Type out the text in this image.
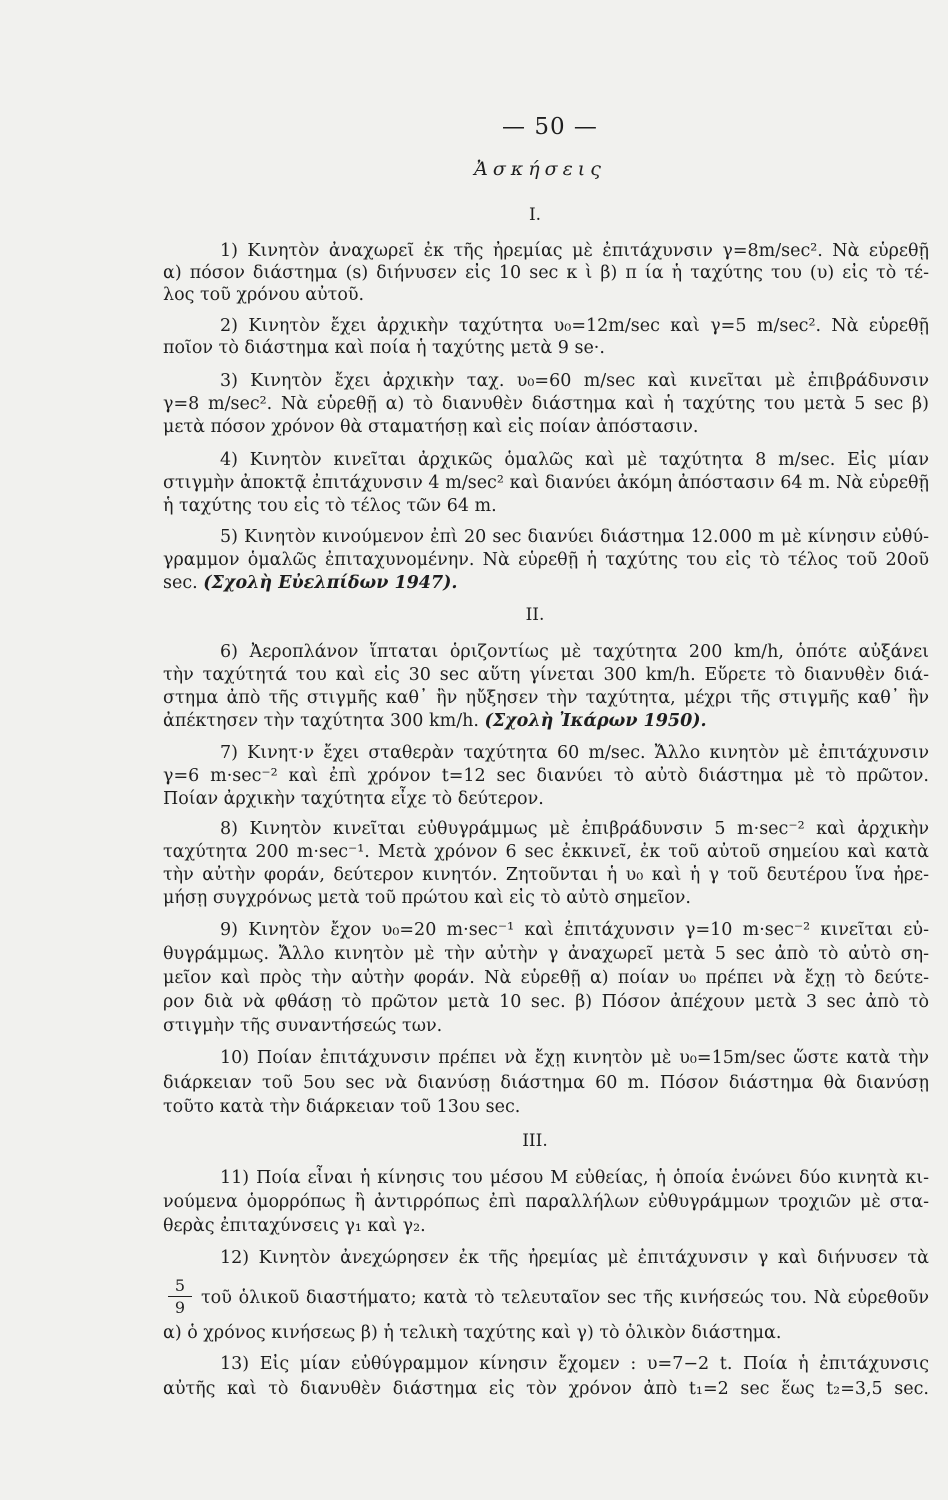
— 50 —
Ἀσκήσεις
I.
1) Κινητὸν ἀναχωρεῖ ἐκ τῆς ἠρεμίας μὲ ἐπιτάχυνσιν γ=8m/sec². Νὰ εὑρεθῇ
α) πόσον διάστημα (s) διήνυσεν εἰς 10 sec κ ὶ β) π ία ἡ ταχύτης του (υ) εἰς τὸ τέ-
λος τοῦ χρόνου αὐτοῦ.
2) Κινητὸν ἔχει ἀρχικὴν ταχύτητα υ₀=12m/sec καὶ γ=5 m/sec². Νὰ εὑρεθῇ
ποῖον τὸ διάστημα καὶ ποία ἡ ταχύτης μετὰ 9 se·.
3) Κινητὸν ἔχει ἀρχικὴν ταχ. υ₀=60 m/sec καὶ κινεῖται μὲ ἐπιβράδυνσιν
γ=8 m/sec². Νὰ εὑρεθῇ α) τὸ διανυθὲν διάστημα καὶ ἡ ταχύτης του μετὰ 5 sec β)
μετὰ πόσον χρόνον θὰ σταματήσῃ καὶ εἰς ποίαν ἀπόστασιν.
4) Κινητὸν κινεῖται ἀρχικῶς ὁμαλῶς καὶ μὲ ταχύτητα 8 m/sec. Εἰς μίαν
στιγμὴν ἀποκτᾷ ἐπιτάχυνσιν 4 m/sec² καὶ διανύει ἀκόμη ἀπόστασιν 64 m. Νὰ εὑρεθῇ
ἡ ταχύτης του εἰς τὸ τέλος τῶν 64 m.
5) Κινητὸν κινούμενον ἐπὶ 20 sec διανύει διάστημα 12.000 m μὲ κίνησιν εὐθύ-
γραμμον ὁμαλῶς ἐπιταχυνομένην. Νὰ εὑρεθῇ ἡ ταχύτης του εἰς τὸ τέλος τοῦ 20οῦ
sec. (Σχολὴ Εὐελπίδων 1947).
II.
6) Ἀεροπλάνον ἵπταται ὁριζοντίως μὲ ταχύτητα 200 km/h, ὁπότε αὐξάνει
τὴν ταχύτητά του καὶ εἰς 30 sec αὕτη γίνεται 300 km/h. Εὕρετε τὸ διανυθὲν διά-
στημα ἀπὸ τῆς στιγμῆς καθ᾽ ἣν ηὔξησεν τὴν ταχύτητα, μέχρι τῆς στιγμῆς καθ᾽ ἣν
ἀπέκτησεν τὴν ταχύτητα 300 km/h. (Σχολὴ Ἰκάρων 1950).
7) Κινητ·ν ἔχει σταθερὰν ταχύτητα 60 m/sec. Ἄλλο κινητὸν μὲ ἐπιτάχυνσιν
γ=6 m·sec⁻² καὶ ἐπὶ χρόνον t=12 sec διανύει τὸ αὐτὸ διάστημα μὲ τὸ πρῶτον.
Ποίαν ἀρχικὴν ταχύτητα εἶχε τὸ δεύτερον.
8) Κινητὸν κινεῖται εὐθυγράμμως μὲ ἐπιβράδυνσιν 5 m·sec⁻² καὶ ἀρχικὴν
ταχύτητα 200 m·sec⁻¹. Μετὰ χρόνον 6 sec ἐκκινεῖ, ἐκ τοῦ αὐτοῦ σημείου καὶ κατὰ
τὴν αὐτὴν φοράν, δεύτερον κινητόν. Ζητοῦνται ἡ υ₀ καὶ ἡ γ τοῦ δευτέρου ἵνα ἠρε-
μήσῃ συγχρόνως μετὰ τοῦ πρώτου καὶ εἰς τὸ αὐτὸ σημεῖον.
9) Κινητὸν ἔχον υ₀=20 m·sec⁻¹ καὶ ἐπιτάχυνσιν γ=10 m·sec⁻² κινεῖται εὐ-
θυγράμμως. Ἄλλο κινητὸν μὲ τὴν αὐτὴν γ ἀναχωρεῖ μετὰ 5 sec ἀπὸ τὸ αὐτὸ ση-
μεῖον καὶ πρὸς τὴν αὐτὴν φοράν. Νὰ εὑρεθῇ α) ποίαν υ₀ πρέπει νὰ ἔχῃ τὸ δεύτε-
ρον διὰ νὰ φθάσῃ τὸ πρῶτον μετὰ 10 sec. β) Πόσον ἀπέχουν μετὰ 3 sec ἀπὸ τὸ
στιγμὴν τῆς συναντήσεώς των.
10) Ποίαν ἐπιτάχυνσιν πρέπει νὰ ἔχῃ κινητὸν μὲ υ₀=15m/sec ὥστε κατὰ τὴν
διάρκειαν τοῦ 5ου sec νὰ διανύσῃ διάστημα 60 m. Πόσον διάστημα θὰ διανύσῃ
τοῦτο κατὰ τὴν διάρκειαν τοῦ 13ου sec.
III.
11) Ποία εἶναι ἡ κίνησις του μέσου Μ εὐθείας, ἡ ὁποία ἑνώνει δύο κινητὰ κι-
νούμενα ὁμορρόπως ἢ ἀντιρρόπως ἐπὶ παραλλήλων εὐθυγράμμων τροχιῶν μὲ στα-
θερὰς ἐπιταχύνσεις γ₁ καὶ γ₂.
12) Κινητὸν ἀνεχώρησεν ἐκ τῆς ἠρεμίας μὲ ἐπιτάχυνσιν γ καὶ διήνυσεν τὰ
5
9 τοῦ ὁλικοῦ διαστήματο; κατὰ τὸ τελευταῖον sec τῆς κινήσεώς του. Νὰ εὑρεθοῦν
α) ὁ χρόνος κινήσεως β) ἡ τελικὴ ταχύτης καὶ γ) τὸ ὁλικὸν διάστημα.
13) Εἰς μίαν εὐθύγραμμον κίνησιν ἔχομεν : υ=7−2 t. Ποία ἡ ἐπιτάχυνσις
αὐτῆς καὶ τὸ διανυθὲν διάστημα εἰς τὸν χρόνον ἀπὸ t₁=2 sec ἕως t₂=3,5 sec.
